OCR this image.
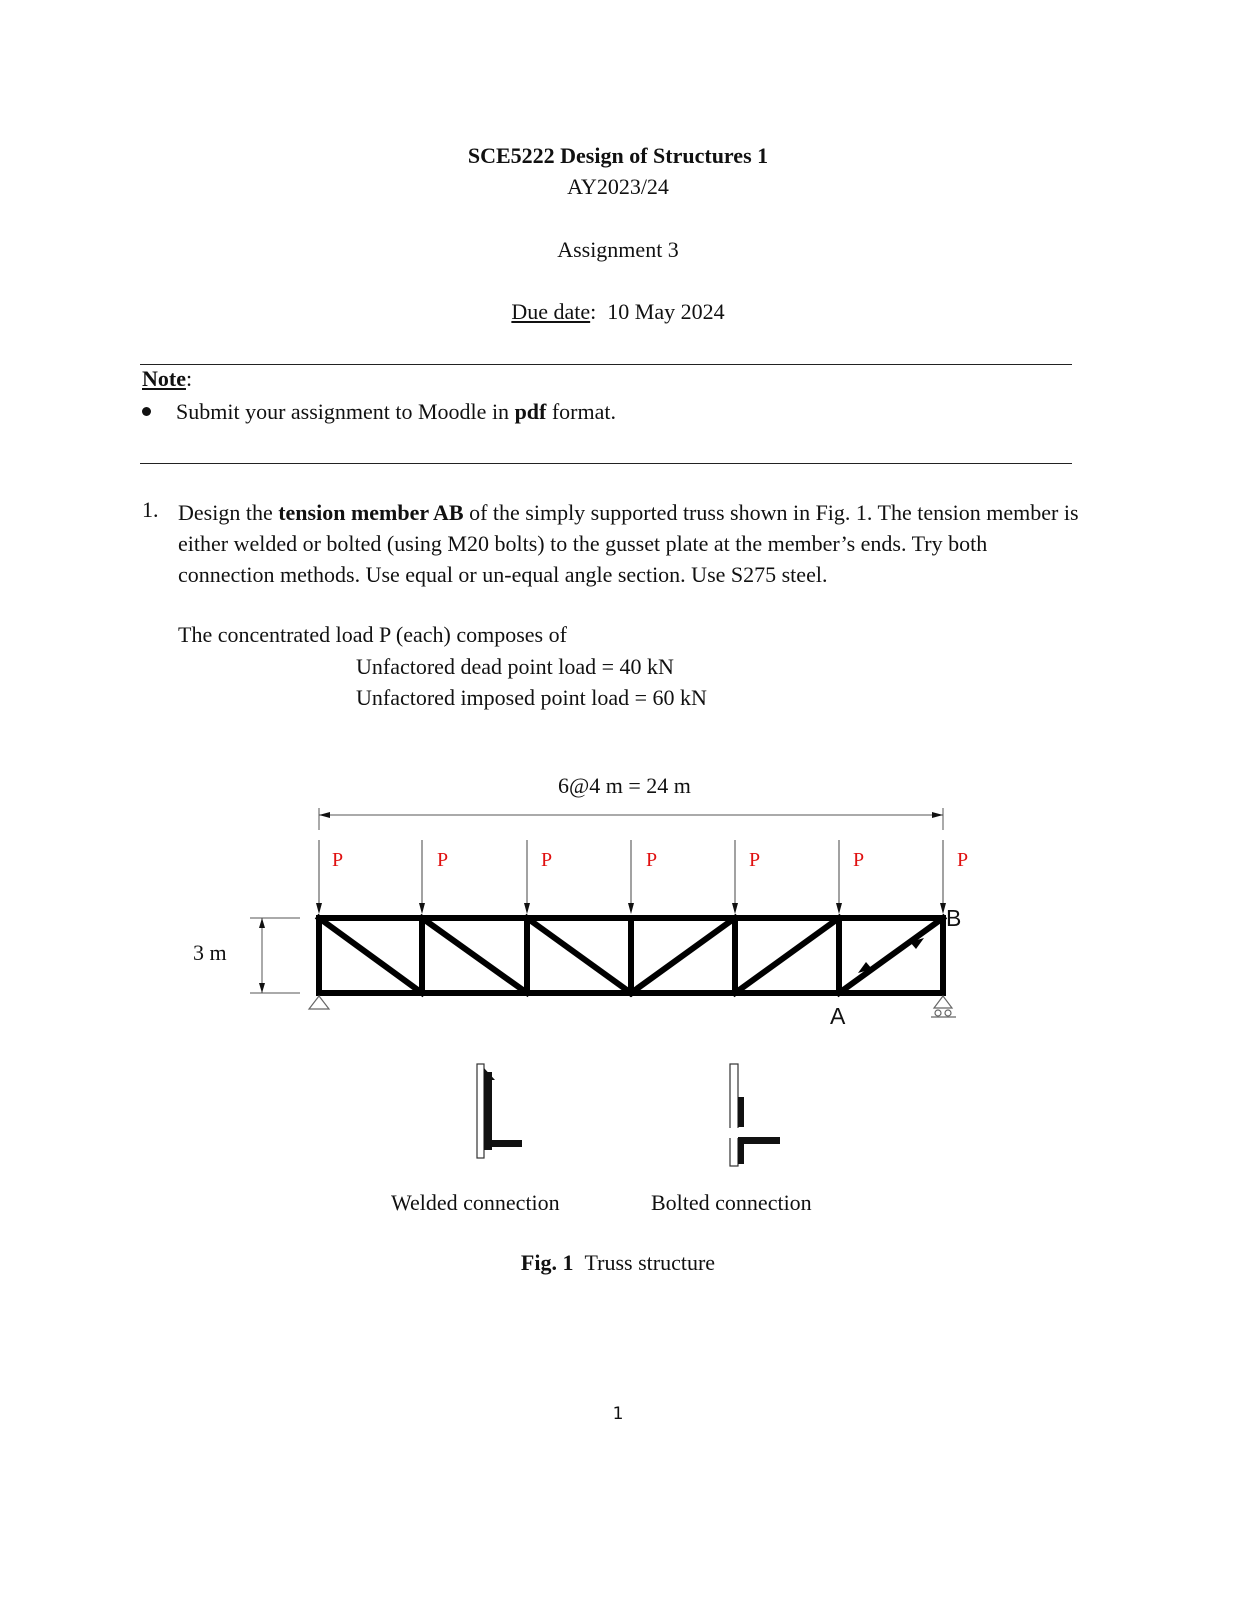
SCE5222 Design of Structures 1
AY2023/24
Assignment 3
Due date: 10 May 2024
Note:
Submit your assignment to Moodle in pdf format.
1. Design the tension member AB of the simply supported truss shown in Fig. 1. The tension member is either welded or bolted (using M20 bolts) to the gusset plate at the member’s ends. Try both connection methods. Use equal or un-equal angle section. Use S275 steel.
The concentrated load P (each) composes of
Unfactored dead point load = 40 kN
Unfactored imposed point load = 60 kN
6@4 m = 24 m
3 m
P	P	P	P	P	P	P
B
A
Welded connection	Bolted connection
Fig. 1 Truss structure
1
